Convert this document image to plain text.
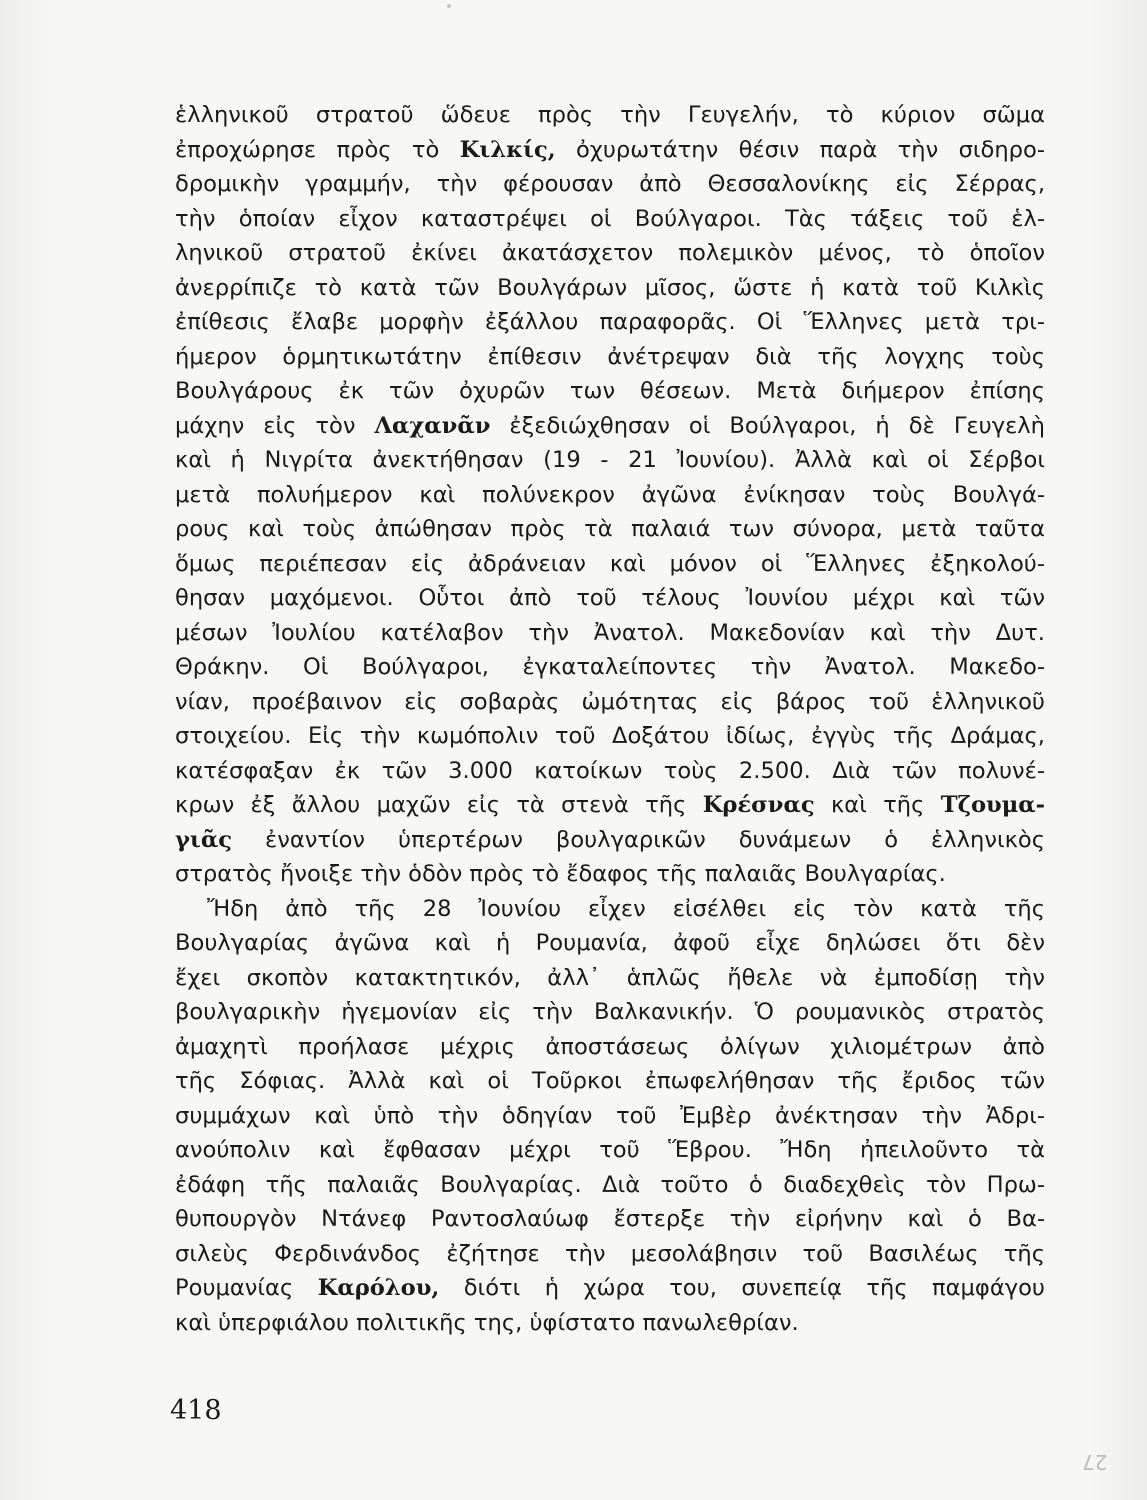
ἑλληνικοῦ στρατοῦ ὥδευε πρὸς τὴν Γευγελήν, τὸ κύριον σῶμα
ἐπροχώρησε πρὸς τὸ Κιλκίς, ὀχυρωτάτην θέσιν παρὰ τὴν σιδηρο-
δρομικὴν γραμμήν, τὴν φέρουσαν ἀπὸ Θεσσαλονίκης εἰς Σέρρας,
τὴν ὁποίαν εἶχον καταστρέψει οἱ Βούλγαροι. Τὰς τάξεις τοῦ ἑλ-
ληνικοῦ στρατοῦ ἐκίνει ἀκατάσχετον πολεμικὸν μένος, τὸ ὁποῖον
ἀνερρίπιζε τὸ κατὰ τῶν Βουλγάρων μῖσος, ὥστε ἡ κατὰ τοῦ Κιλκὶς
ἐπίθεσις ἔλαβε μορφὴν ἐξάλλου παραφορᾶς. Οἱ Ἕλληνες μετὰ τρι-
ήμερον ὁρμητικωτάτην ἐπίθεσιν ἀνέτρεψαν διὰ τῆς λογχης τοὺς
Βουλγάρους ἐκ τῶν ὀχυρῶν των θέσεων. Μετὰ διήμερον ἐπίσης
μάχην εἰς τὸν Λαχανᾶν ἐξεδιώχθησαν οἱ Βούλγαροι, ἡ δὲ Γευγελὴ
καὶ ἡ Νιγρίτα ἀνεκτήθησαν (19 - 21 Ἰουνίου). Ἀλλὰ καὶ οἱ Σέρβοι
μετὰ πολυήμερον καὶ πολύνεκρον ἀγῶνα ἐνίκησαν τοὺς Βουλγά-
ρους καὶ τοὺς ἀπώθησαν πρὸς τὰ παλαιά των σύνορα, μετὰ ταῦτα
ὅμως περιέπεσαν εἰς ἀδράνειαν καὶ μόνον οἱ Ἕλληνες ἐξηκολού-
θησαν μαχόμενοι. Οὗτοι ἀπὸ τοῦ τέλους Ἰουνίου μέχρι καὶ τῶν
μέσων Ἰουλίου κατέλαβον τὴν Ἀνατολ. Μακεδονίαν καὶ τὴν Δυτ.
Θράκην. Οἱ Βούλγαροι, ἐγκαταλείποντες τὴν Ἀνατολ. Μακεδο-
νίαν, προέβαινον εἰς σοβαρὰς ὠμότητας εἰς βάρος τοῦ ἑλληνικοῦ
στοιχείου. Εἰς τὴν κωμόπολιν τοῦ Δοξάτου ἰδίως, ἐγγὺς τῆς Δράμας,
κατέσφαξαν ἐκ τῶν 3.000 κατοίκων τοὺς 2.500. Διὰ τῶν πολυνέ-
κρων ἐξ ἄλλου μαχῶν εἰς τὰ στενὰ τῆς Κρέσνας καὶ τῆς Τζουμα-
γιᾶς ἐναντίον ὑπερτέρων βουλγαρικῶν δυνάμεων ὁ ἑλληνικὸς
στρατὸς ἤνοιξε τὴν ὁδὸν πρὸς τὸ ἔδαφος τῆς παλαιᾶς Βουλγαρίας.
Ἤδη ἀπὸ τῆς 28 Ἰουνίου εἶχεν εἰσέλθει εἰς τὸν κατὰ τῆς
Βουλγαρίας ἀγῶνα καὶ ἡ Ρουμανία, ἀφοῦ εἶχε δηλώσει ὅτι δὲν
ἔχει σκοπὸν κατακτητικόν, ἀλλ᾽ ἁπλῶς ἤθελε νὰ ἐμποδίσῃ τὴν
βουλγαρικὴν ἡγεμονίαν εἰς τὴν Βαλκανικήν. Ὁ ρουμανικὸς στρατὸς
ἀμαχητὶ προήλασε μέχρις ἀποστάσεως ὀλίγων χιλιομέτρων ἀπὸ
τῆς Σόφιας. Ἀλλὰ καὶ οἱ Τοῦρκοι ἐπωφελήθησαν τῆς ἔριδος τῶν
συμμάχων καὶ ὑπὸ τὴν ὁδηγίαν τοῦ Ἐμβὲρ ἀνέκτησαν τὴν Ἀδρι-
ανούπολιν καὶ ἔφθασαν μέχρι τοῦ Ἕβρου. Ἤδη ἠπειλοῦντο τὰ
ἐδάφη τῆς παλαιᾶς Βουλγαρίας. Διὰ τοῦτο ὁ διαδεχθεὶς τὸν Πρω-
θυπουργὸν Ντάνεφ Ραντοσλαύωφ ἔστερξε τὴν εἰρήνην καὶ ὁ Βα-
σιλεὺς Φερδινάνδος ἐζήτησε τὴν μεσολάβησιν τοῦ Βασιλέως τῆς
Ρουμανίας Καρόλου, διότι ἡ χώρα του, συνεπείᾳ τῆς παμφάγου
καὶ ὑπερφιάλου πολιτικῆς της, ὑφίστατο πανωλεθρίαν.
418
27
